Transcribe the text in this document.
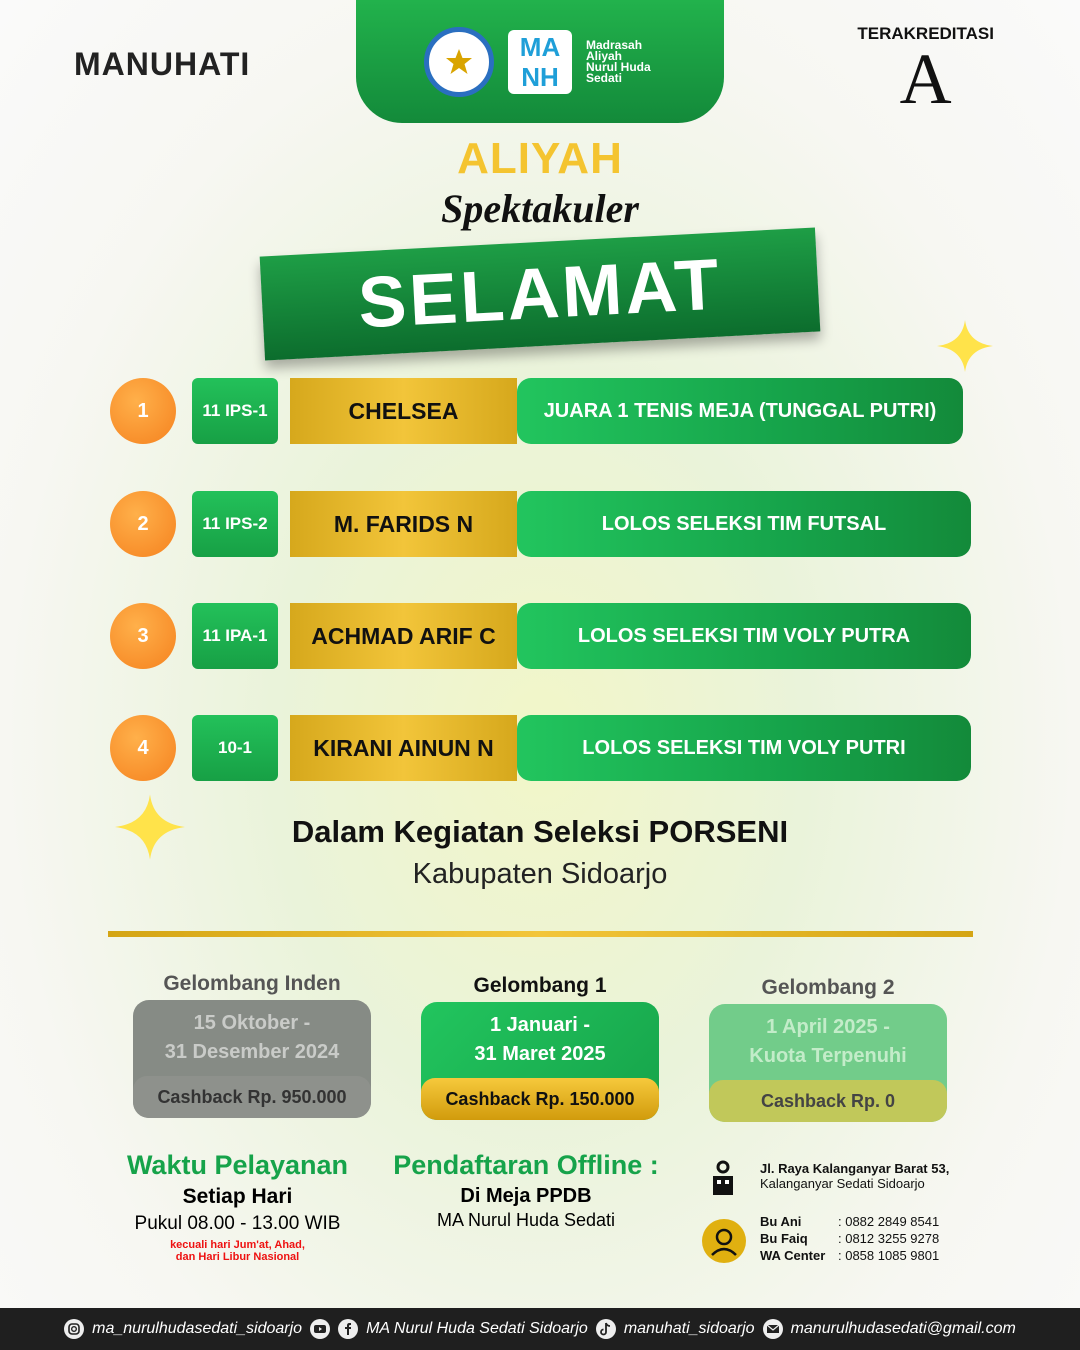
MANUHATI	MA NH
Madrasah Aliyah Nurul Huda Sedati
TERAKREDITASI
A
ALIYAH
Spektakuler
SELAMAT
1	11 IPS-1	CHELSEA	JUARA 1 TENIS MEJA (TUNGGAL PUTRI)
2	11 IPS-2	M. FARIDS N	LOLOS SELEKSI TIM FUTSAL
3	11 IPA-1	ACHMAD ARIF C	LOLOS SELEKSI TIM VOLY PUTRA
4	10-1	KIRANI AINUN N	LOLOS SELEKSI TIM VOLY PUTRI
Dalam Kegiatan Seleksi PORSENI
Kabupaten Sidoarjo
Gelombang Inden
15 Oktober -
31 Desember 2024
Cashback Rp. 950.000
Gelombang 1
1 Januari -
31 Maret 2025
Cashback Rp. 150.000
Gelombang 2
1 April 2025 -
Kuota Terpenuhi
Cashback Rp. 0
Waktu Pelayanan
Setiap Hari
Pukul 08.00 - 13.00 WIB
kecuali hari Jum'at, Ahad,
dan Hari Libur Nasional
Pendaftaran Offline :
Di Meja PPDB
MA Nurul Huda Sedati
Jl. Raya Kalanganyar Barat 53,
Kalanganyar Sedati Sidoarjo
Bu Ani	: 0882 2849 8541
Bu Faiq	: 0812 3255 9278
WA Center	: 0858 1085 9801
ma_nurulhudasedati_sidoarjo	MA Nurul Huda Sedati Sidoarjo manuhati_sidoarjo manurulhudasedati@gmail.com
